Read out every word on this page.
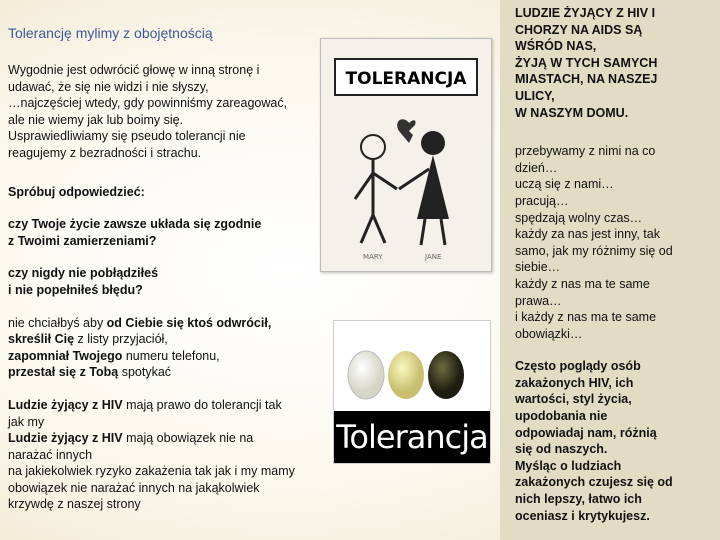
Tolerancję mylimy z obojętnością

Wygodnie jest odwrócić głowę w inną stronę i
udawać, że się nie widzi i nie słyszy,
…najczęściej wtedy, gdy powinniśmy zareagować,
ale nie wiemy jak lub boimy się.
Usprawiedliwiamy się pseudo tolerancji nie
reagujemy z bezradności i strachu.

Spróbuj odpowiedzieć:

czy Twoje życie zawsze układa się zgodnie
z Twoimi zamierzeniami?

czy nigdy nie pobłądziłeś
i nie popełniłeś błędu?

nie chciałbyś aby od Ciebie się ktoś odwrócił,
skreślił Cię z listy przyjaciół,
zapomniał Twojego numeru telefonu,
przestał się z Tobą spotykać

Ludzie żyjący z HIV mają prawo do tolerancji tak
jak my
Ludzie żyjący z HIV mają obowiązek nie na
narażać innych
na jakiekolwiek ryzyko zakażenia tak jak i my mamy
obowiązek nie narażać innych na jakąkolwiek
krzywdę z naszej strony

TOLERANCJA
MARY	JANE
Tolerancja

LUDZIE ŻYJĄCY Z HIV I
CHORZY NA AIDS SĄ
WŚRÓD NAS,
ŻYJĄ W TYCH SAMYCH
MIASTACH, NA NASZEJ
ULICY,
W NASZYM DOMU.

przebywamy z nimi na co
dzień…
uczą się z nami…
pracują…
spędzają wolny czas…
każdy za nas jest inny, tak
samo, jak my różnimy się od
siebie…
każdy z nas ma te same
prawa…
i każdy z nas ma te same
obowiązki…

Często poglądy osób
zakażonych HIV, ich
wartości, styl życia,
upodobania nie
odpowiadaj nam, różnią
się od naszych.
Myśląc o ludziach
zakażonych czujesz się od
nich lepszy, łatwo ich
oceniasz i krytykujesz.
